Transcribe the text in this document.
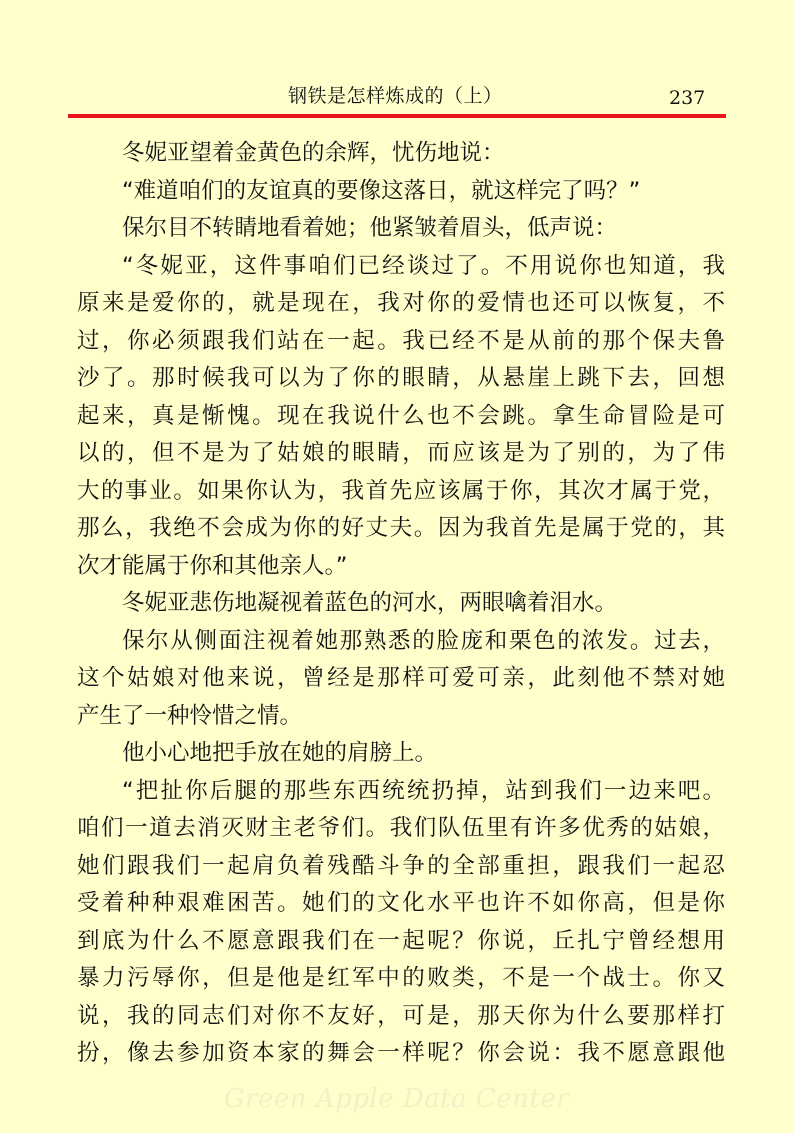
钢铁是怎样炼成的（上）	237
冬妮亚望着金黄色的余辉，忧伤地说：
“难道咱们的友谊真的要像这落日，就这样完了吗？”
保尔目不转睛地看着她；他紧皱着眉头，低声说：
“冬妮亚，这件事咱们已经谈过了。不用说你也知道，我
原来是爱你的，就是现在，我对你的爱情也还可以恢复，不
过，你必须跟我们站在一起。我已经不是从前的那个保夫鲁
沙了。那时候我可以为了你的眼睛，从悬崖上跳下去，回想
起来，真是惭愧。现在我说什么也不会跳。拿生命冒险是可
以的，但不是为了姑娘的眼睛，而应该是为了别的，为了伟
大的事业。如果你认为，我首先应该属于你，其次才属于党，
那么，我绝不会成为你的好丈夫。因为我首先是属于党的，其
次才能属于你和其他亲人。”
冬妮亚悲伤地凝视着蓝色的河水，两眼噙着泪水。
保尔从侧面注视着她那熟悉的脸庞和栗色的浓发。过去，
这个姑娘对他来说，曾经是那样可爱可亲，此刻他不禁对她
产生了一种怜惜之情。
他小心地把手放在她的肩膀上。
“把扯你后腿的那些东西统统扔掉，站到我们一边来吧。
咱们一道去消灭财主老爷们。我们队伍里有许多优秀的姑娘，
她们跟我们一起肩负着残酷斗争的全部重担，跟我们一起忍
受着种种艰难困苦。她们的文化水平也许不如你高，但是你
到底为什么不愿意跟我们在一起呢？你说，丘扎宁曾经想用
暴力污辱你，但是他是红军中的败类，不是一个战士。你又
说，我的同志们对你不友好，可是，那天你为什么要那样打
扮，像去参加资本家的舞会一样呢？你会说：我不愿意跟他
Green Apple Data Center
